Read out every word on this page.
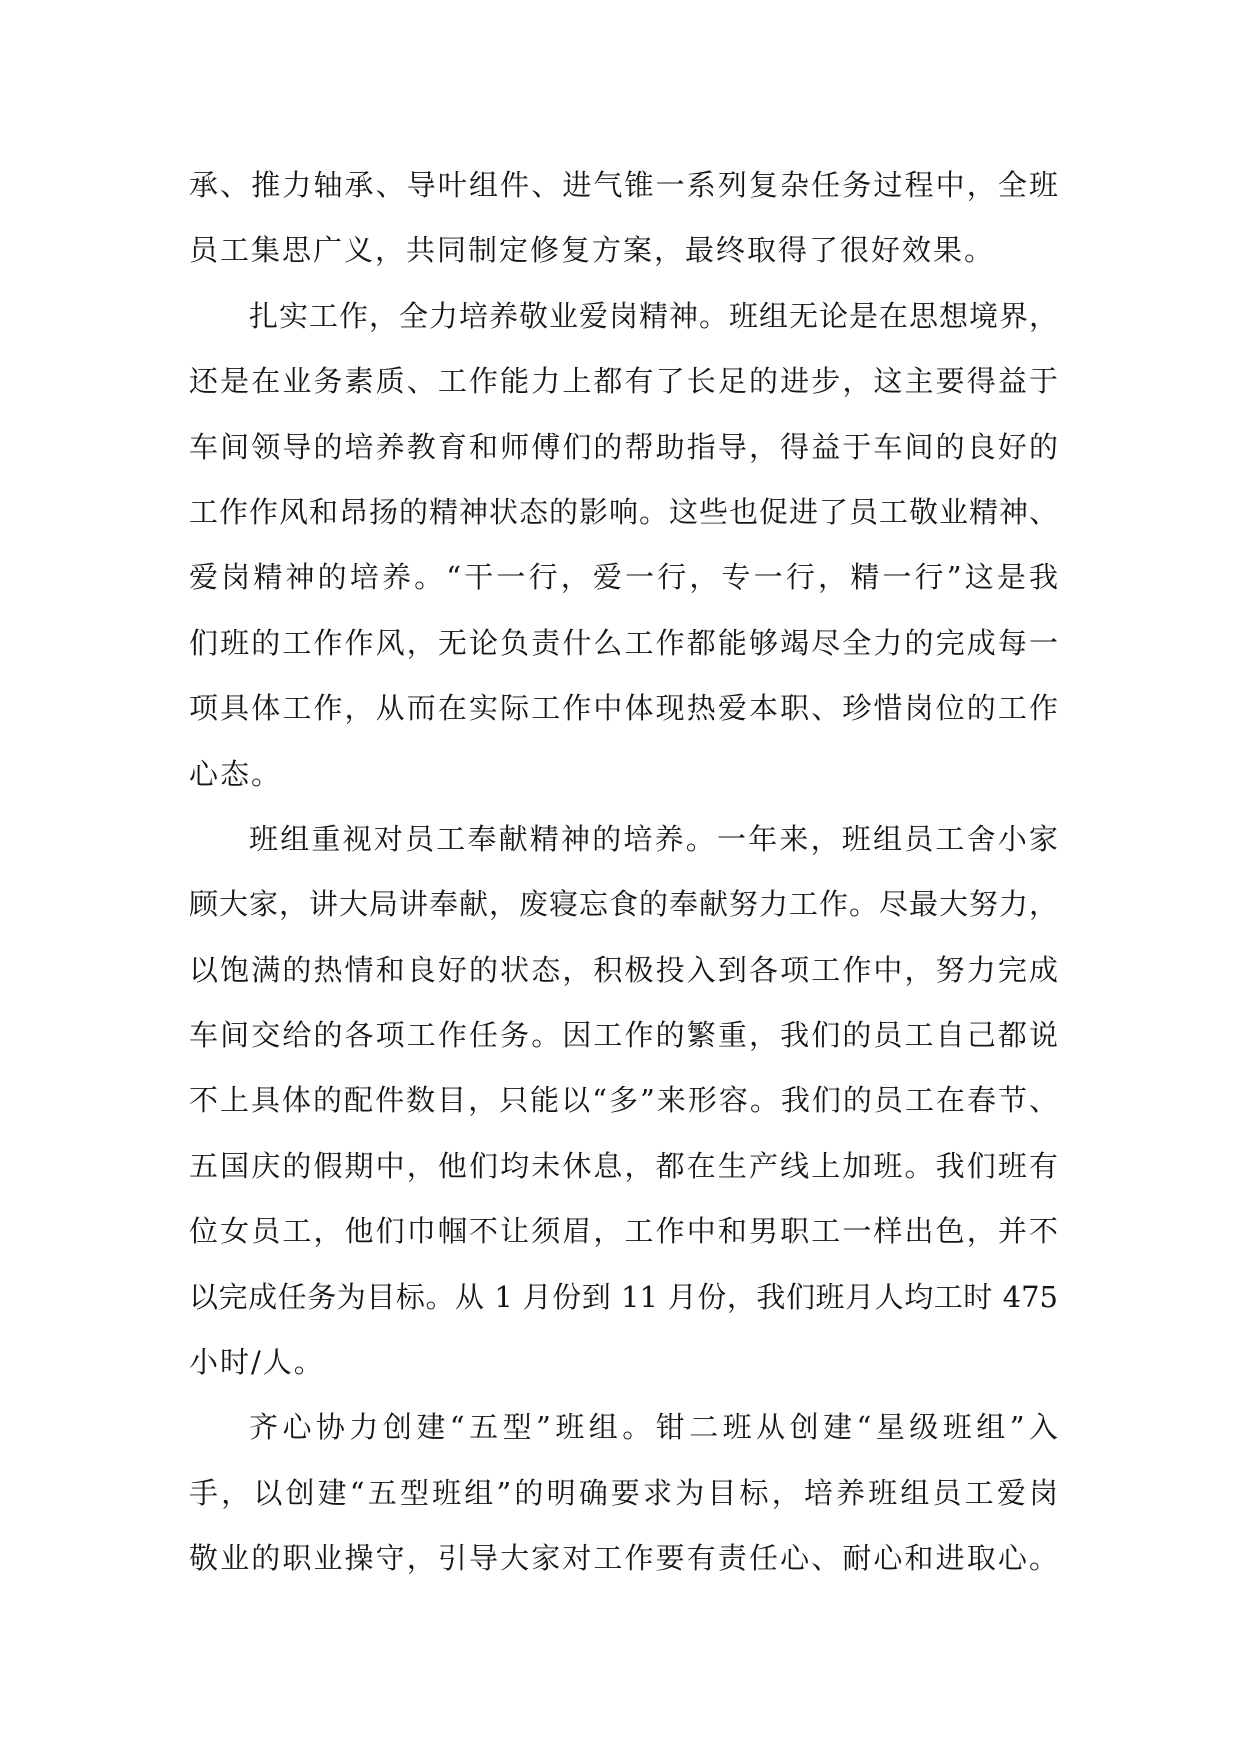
承、推力轴承、导叶组件、进气锥一系列复杂任务过程中，全班
员工集思广义，共同制定修复方案，最终取得了很好效果。
扎实工作，全力培养敬业爱岗精神。班组无论是在思想境界，
还是在业务素质、工作能力上都有了长足的进步，这主要得益于
车间领导的培养教育和师傅们的帮助指导，得益于车间的良好的
工作作风和昂扬的精神状态的影响。这些也促进了员工敬业精神、
爱岗精神的培养。“干一行，爱一行，专一行，精一行”这是我
们班的工作作风，无论负责什么工作都能够竭尽全力的完成每一
项具体工作，从而在实际工作中体现热爱本职、珍惜岗位的工作
心态。
班组重视对员工奉献精神的培养。一年来，班组员工舍小家
顾大家，讲大局讲奉献，废寝忘食的奉献努力工作。尽最大努力，
以饱满的热情和良好的状态，积极投入到各项工作中，努力完成
车间交给的各项工作任务。因工作的繁重，我们的员工自己都说
不上具体的配件数目，只能以“多”来形容。我们的员工在春节、
五国庆的假期中，他们均未休息，都在生产线上加班。我们班有
位女员工，他们巾帼不让须眉，工作中和男职工一样出色，并不
以完成任务为目标。从 1 月份到 11 月份，我们班月人均工时 475
小时/人。
齐心协力创建“五型”班组。钳二班从创建“星级班组”入
手，以创建“五型班组”的明确要求为目标，培养班组员工爱岗
敬业的职业操守，引导大家对工作要有责任心、耐心和进取心。
